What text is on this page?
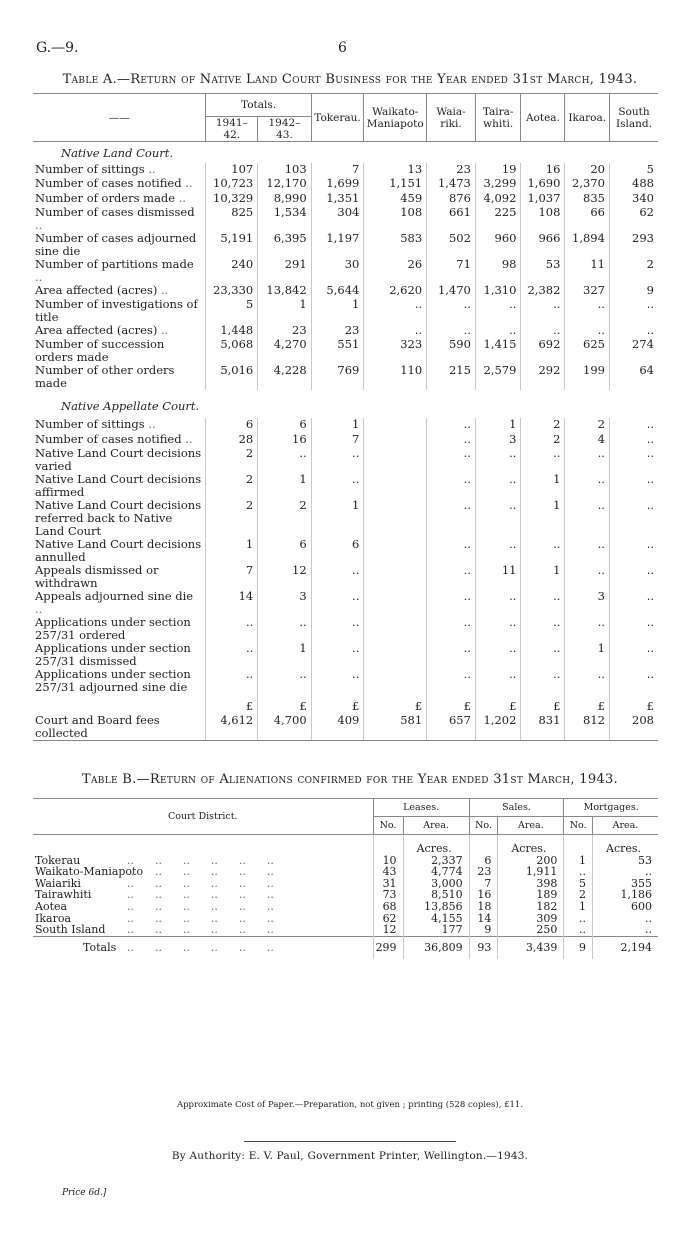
G.—9.	6
Table A.—Return of Native Land Court Business for the Year ended 31st March, 1943.
——	Totals.		Tokerau.	Waikato-Maniapoto	Waia-riki.	Taira-whiti.	Aotea.	Ikaroa.	South Island.
	1941–42.	1942–43.							
Native Land Court.									
Number of sittings ..	107	103	7	13	23	19	16	20	5
Number of cases notified ..	10,723	12,170	1,699	1,151	1,473	3,299	1,690	2,370	488
Number of orders made ..	10,329	8,990	1,351	459	876	4,092	1,037	835	340
Number of cases dismissed ..	825	1,534	304	108	661	225	108	66	62
Number of cases adjourned sine die	5,191	6,395	1,197	583	502	960	966	1,894	293
Number of partitions made ..	240	291	30	26	71	98	53	11	2
Area affected (acres) ..	23,330	13,842	5,644	2,620	1,470	1,310	2,382	327	9
Number of investigations of title	5	1	1	..	..	..	..	..	..
Area affected (acres) ..	1,448	23	23	..	..	..	..	..	..
Number of succession orders made	5,068	4,270	551	323	590	1,415	692	625	274
Number of other orders made	5,016	4,228	769	110	215	2,579	292	199	64
Native Appellate Court.									
Number of sittings ..	6	6	1		..	1	2	2	..
Number of cases notified ..	28	16	7		..	3	2	4	..
Native Land Court decisions varied	2	..	..		..	..	..	..	..
Native Land Court decisions affirmed	2	1	..		..	..	1	..	..
Native Land Court decisions referred back to Native Land Court	2	2	1		..	..	1	..	..
Native Land Court decisions annulled	1	6	6		..	..	..	..	..
Appeals dismissed or withdrawn	7	12	..		..	11	1	..	..
Appeals adjourned sine die ..	14	3	..		..	..	..	3	..
Applications under section 257/31 ordered	..	..	..		..	..	..	..	..
Applications under section 257/31 dismissed	..	1	..		..	..	..	1	..
Applications under section 257/31 adjourned sine die	..	..	..		..	..	..	..	..
	£	£	£	£	£	£	£	£	£
Court and Board fees collected	4,612	4,700	409	581	657	1,202	831	812	208
Table B.—Return of Alienations confirmed for the Year ended 31st March, 1943.
Court District.	Leases.		Sales.		Mortgages.	
	No.	Area.	No.	Area.	No.	Area.
		Acres.		Acres.		Acres.
Tokerau ..      ..      ..      ..      ..      ..	10	2,337	6	200	1	53
Waikato-Maniapoto..      ..      ..      ..      ..      ..	43	4,774	23	1,911	..	..
Waiariki ..      ..      ..      ..      ..      ..	31	3,000	7	398	5	355
Tairawhiti ..      ..      ..      ..      ..      ..	73	8,510	16	189	2	1,186
Aotea ..      ..      ..      ..      ..      ..	68	13,856	18	182	1	600
Ikaroa ..      ..      ..      ..      ..      ..	62	4,155	14	309	..	..
South Island ..      ..      ..      ..      ..      ..	12	177	9	250	..	..
Totals ..      ..      ..      ..      ..      ..	299	36,809	93	3,439	9	2,194
Approximate Cost of Paper.—Preparation, not given ; printing (528 copies), £11.
By Authority: E. V. Paul, Government Printer, Wellington.—1943.
Price 6d.]
